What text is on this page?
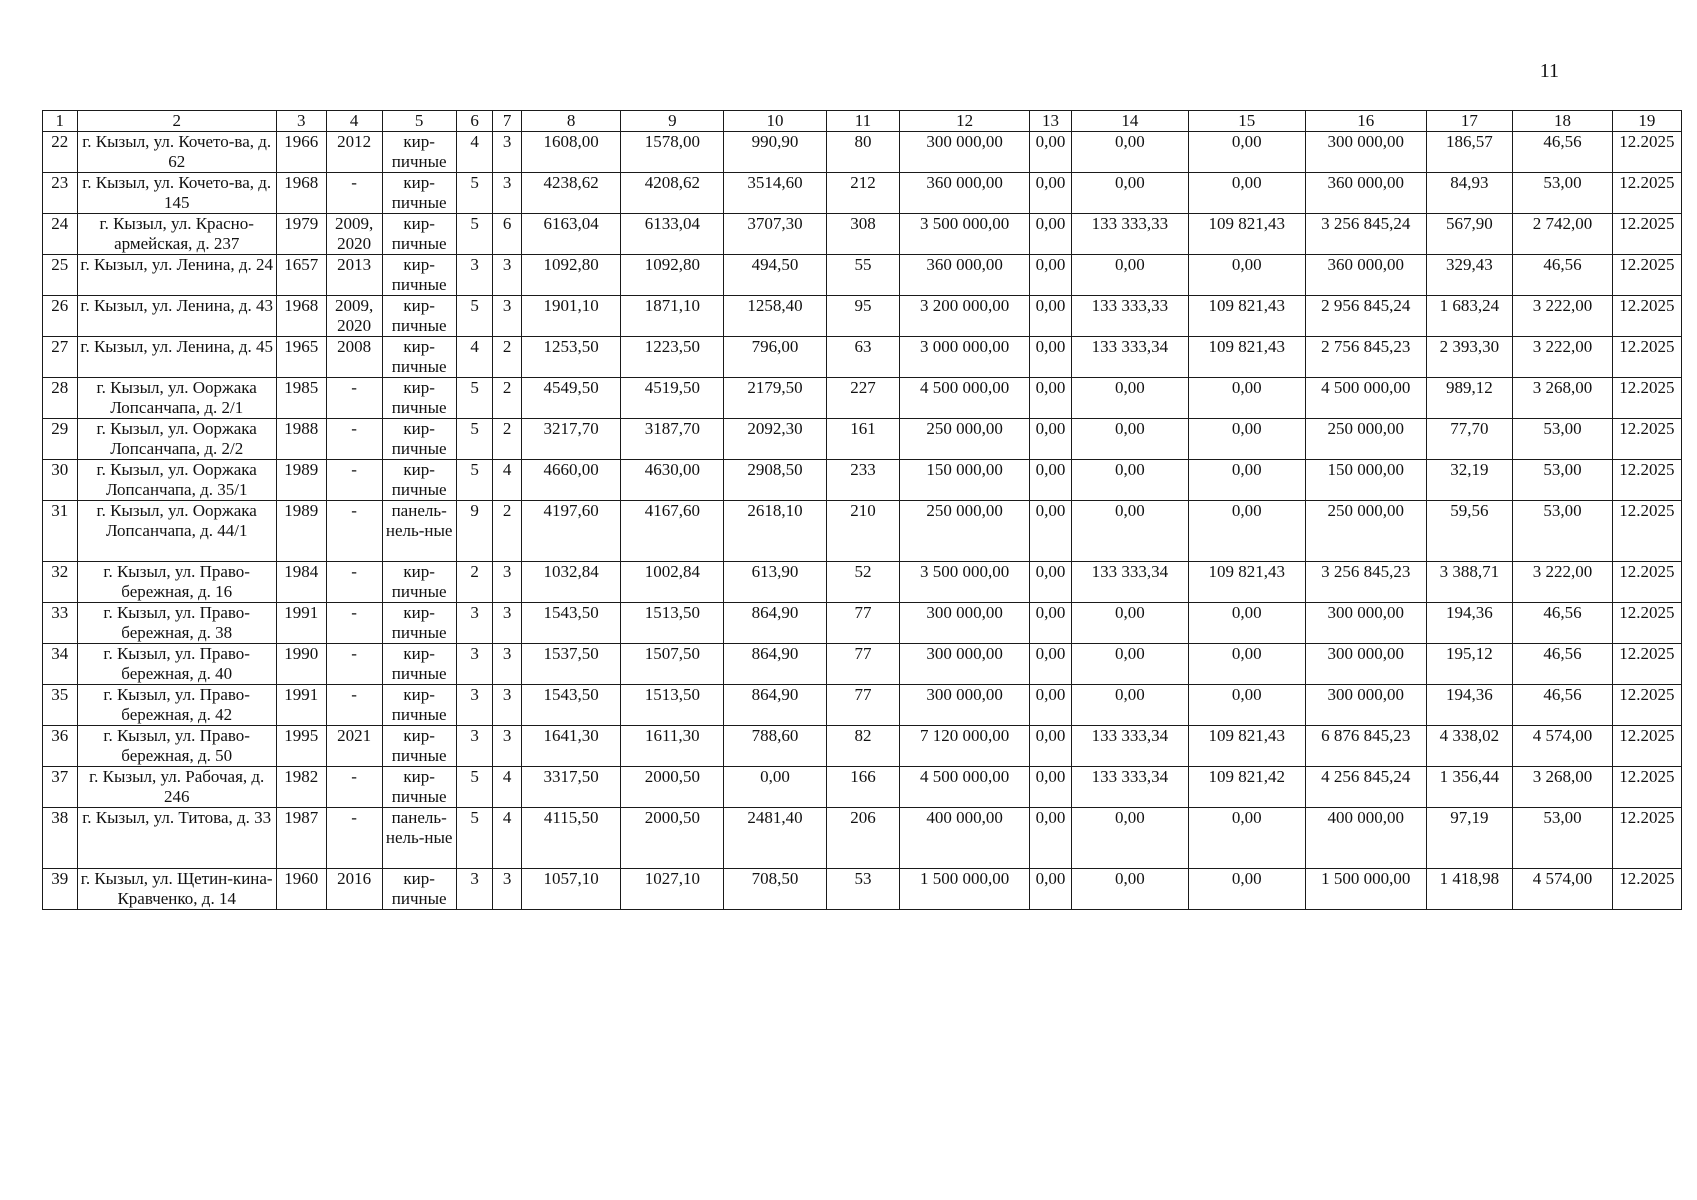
11
1	2	3	4	5	6	7	8	9	10	11	12	13	14	15	16	17	18	19
22	г. Кызыл, ул. Кочето-ва, д. 62	1966	2012	кир-пичные	4	3	1608,00	1578,00	990,90	80	300 000,00	0,00	0,00	0,00	300 000,00	186,57	46,56	12.2025
23	г. Кызыл, ул. Кочето-ва, д. 145	1968	-	кир-пичные	5	3	4238,62	4208,62	3514,60	212	360 000,00	0,00	0,00	0,00	360 000,00	84,93	53,00	12.2025
24	г. Кызыл, ул. Красно-армейская, д. 237	1979	2009, 2020	кир-пичные	5	6	6163,04	6133,04	3707,30	308	3 500 000,00	0,00	133 333,33	109 821,43	3 256 845,24	567,90	2 742,00	12.2025
25	г. Кызыл, ул. Ленина, д. 24	1657	2013	кир-пичные	3	3	1092,80	1092,80	494,50	55	360 000,00	0,00	0,00	0,00	360 000,00	329,43	46,56	12.2025
26	г. Кызыл, ул. Ленина, д. 43	1968	2009, 2020	кир-пичные	5	3	1901,10	1871,10	1258,40	95	3 200 000,00	0,00	133 333,33	109 821,43	2 956 845,24	1 683,24	3 222,00	12.2025
27	г. Кызыл, ул. Ленина, д. 45	1965	2008	кир-пичные	4	2	1253,50	1223,50	796,00	63	3 000 000,00	0,00	133 333,34	109 821,43	2 756 845,23	2 393,30	3 222,00	12.2025
28	г. Кызыл, ул. Ооржака Лопсанчапа, д. 2/1	1985	-	кир-пичные	5	2	4549,50	4519,50	2179,50	227	4 500 000,00	0,00	0,00	0,00	4 500 000,00	989,12	3 268,00	12.2025
29	г. Кызыл, ул. Ооржака Лопсанчапа, д. 2/2	1988	-	кир-пичные	5	2	3217,70	3187,70	2092,30	161	250 000,00	0,00	0,00	0,00	250 000,00	77,70	53,00	12.2025
30	г. Кызыл, ул. Ооржака Лопсанчапа, д. 35/1	1989	-	кир-пичные	5	4	4660,00	4630,00	2908,50	233	150 000,00	0,00	0,00	0,00	150 000,00	32,19	53,00	12.2025
31	г. Кызыл, ул. Ооржака Лопсанчапа, д. 44/1	1989	-	панель-нель-ные	9	2	4197,60	4167,60	2618,10	210	250 000,00	0,00	0,00	0,00	250 000,00	59,56	53,00	12.2025
32	г. Кызыл, ул. Право-бережная, д. 16	1984	-	кир-пичные	2	3	1032,84	1002,84	613,90	52	3 500 000,00	0,00	133 333,34	109 821,43	3 256 845,23	3 388,71	3 222,00	12.2025
33	г. Кызыл, ул. Право-бережная, д. 38	1991	-	кир-пичные	3	3	1543,50	1513,50	864,90	77	300 000,00	0,00	0,00	0,00	300 000,00	194,36	46,56	12.2025
34	г. Кызыл, ул. Право-бережная, д. 40	1990	-	кир-пичные	3	3	1537,50	1507,50	864,90	77	300 000,00	0,00	0,00	0,00	300 000,00	195,12	46,56	12.2025
35	г. Кызыл, ул. Право-бережная, д. 42	1991	-	кир-пичные	3	3	1543,50	1513,50	864,90	77	300 000,00	0,00	0,00	0,00	300 000,00	194,36	46,56	12.2025
36	г. Кызыл, ул. Право-бережная, д. 50	1995	2021	кир-пичные	3	3	1641,30	1611,30	788,60	82	7 120 000,00	0,00	133 333,34	109 821,43	6 876 845,23	4 338,02	4 574,00	12.2025
37	г. Кызыл, ул. Рабочая, д. 246	1982	-	кир-пичные	5	4	3317,50	2000,50	0,00	166	4 500 000,00	0,00	133 333,34	109 821,42	4 256 845,24	1 356,44	3 268,00	12.2025
38	г. Кызыл, ул. Титова, д. 33	1987	-	панель-нель-ные	5	4	4115,50	2000,50	2481,40	206	400 000,00	0,00	0,00	0,00	400 000,00	97,19	53,00	12.2025
39	г. Кызыл, ул. Щетин-кина-Кравченко, д. 14	1960	2016	кир-пичные	3	3	1057,10	1027,10	708,50	53	1 500 000,00	0,00	0,00	0,00	1 500 000,00	1 418,98	4 574,00	12.2025
